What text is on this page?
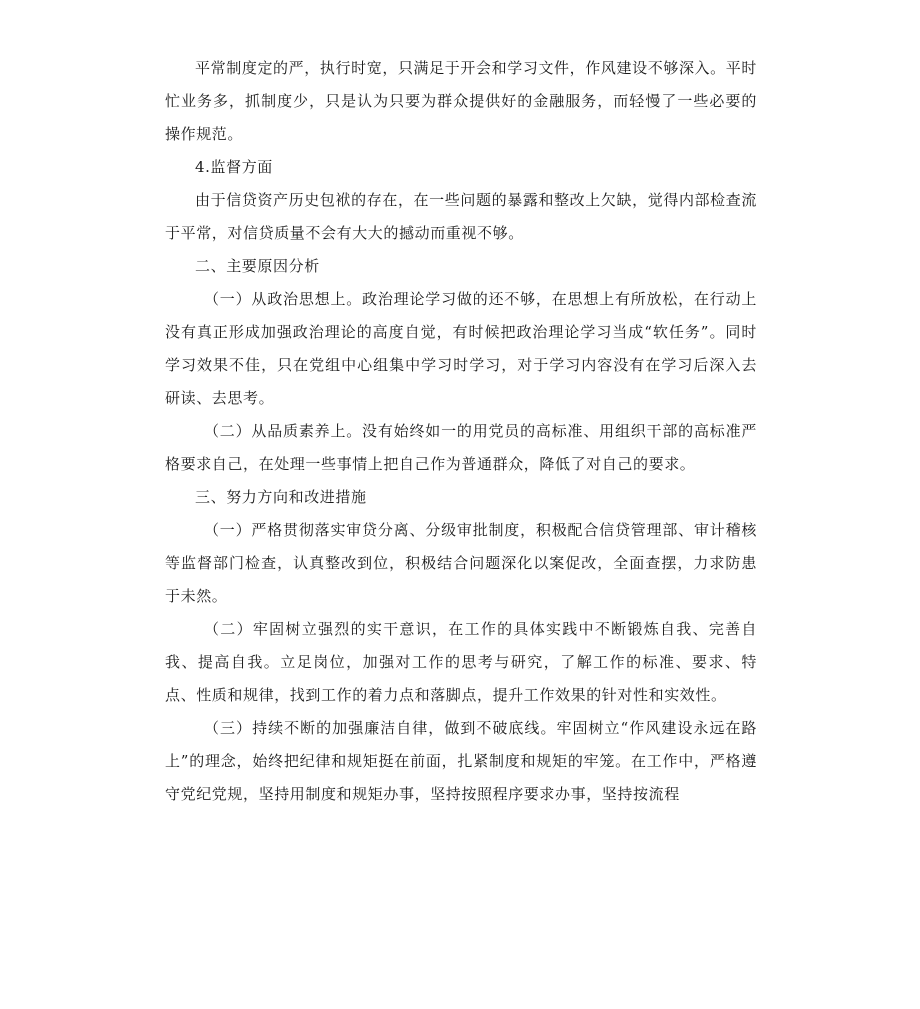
平常制度定的严，执行时宽，只满足于开会和学习文件，作风建设不够深入。平时忙业务多，抓制度少，只是认为只要为群众提供好的金融服务，而轻慢了一些必要的操作规范。

4.监督方面

由于信贷资产历史包袱的存在，在一些问题的暴露和整改上欠缺，觉得内部检查流于平常，对信贷质量不会有大大的撼动而重视不够。

二、主要原因分析

（一）从政治思想上。政治理论学习做的还不够，在思想上有所放松，在行动上没有真正形成加强政治理论的高度自觉，有时候把政治理论学习当成“软任务”。同时学习效果不佳，只在党组中心组集中学习时学习，对于学习内容没有在学习后深入去研读、去思考。

（二）从品质素养上。没有始终如一的用党员的高标准、用组织干部的高标准严格要求自己，在处理一些事情上把自己作为普通群众，降低了对自己的要求。

三、努力方向和改进措施

（一）严格贯彻落实审贷分离、分级审批制度，积极配合信贷管理部、审计稽核等监督部门检查，认真整改到位，积极结合问题深化以案促改，全面查摆，力求防患于未然。

（二）牢固树立强烈的实干意识，在工作的具体实践中不断锻炼自我、完善自我、提高自我。立足岗位，加强对工作的思考与研究，了解工作的标准、要求、特点、性质和规律，找到工作的着力点和落脚点，提升工作效果的针对性和实效性。

（三）持续不断的加强廉洁自律，做到不破底线。牢固树立“作风建设永远在路上”的理念，始终把纪律和规矩挺在前面，扎紧制度和规矩的牢笼。在工作中，严格遵守党纪党规，坚持用制度和规矩办事，坚持按照程序要求办事，坚持按流程
